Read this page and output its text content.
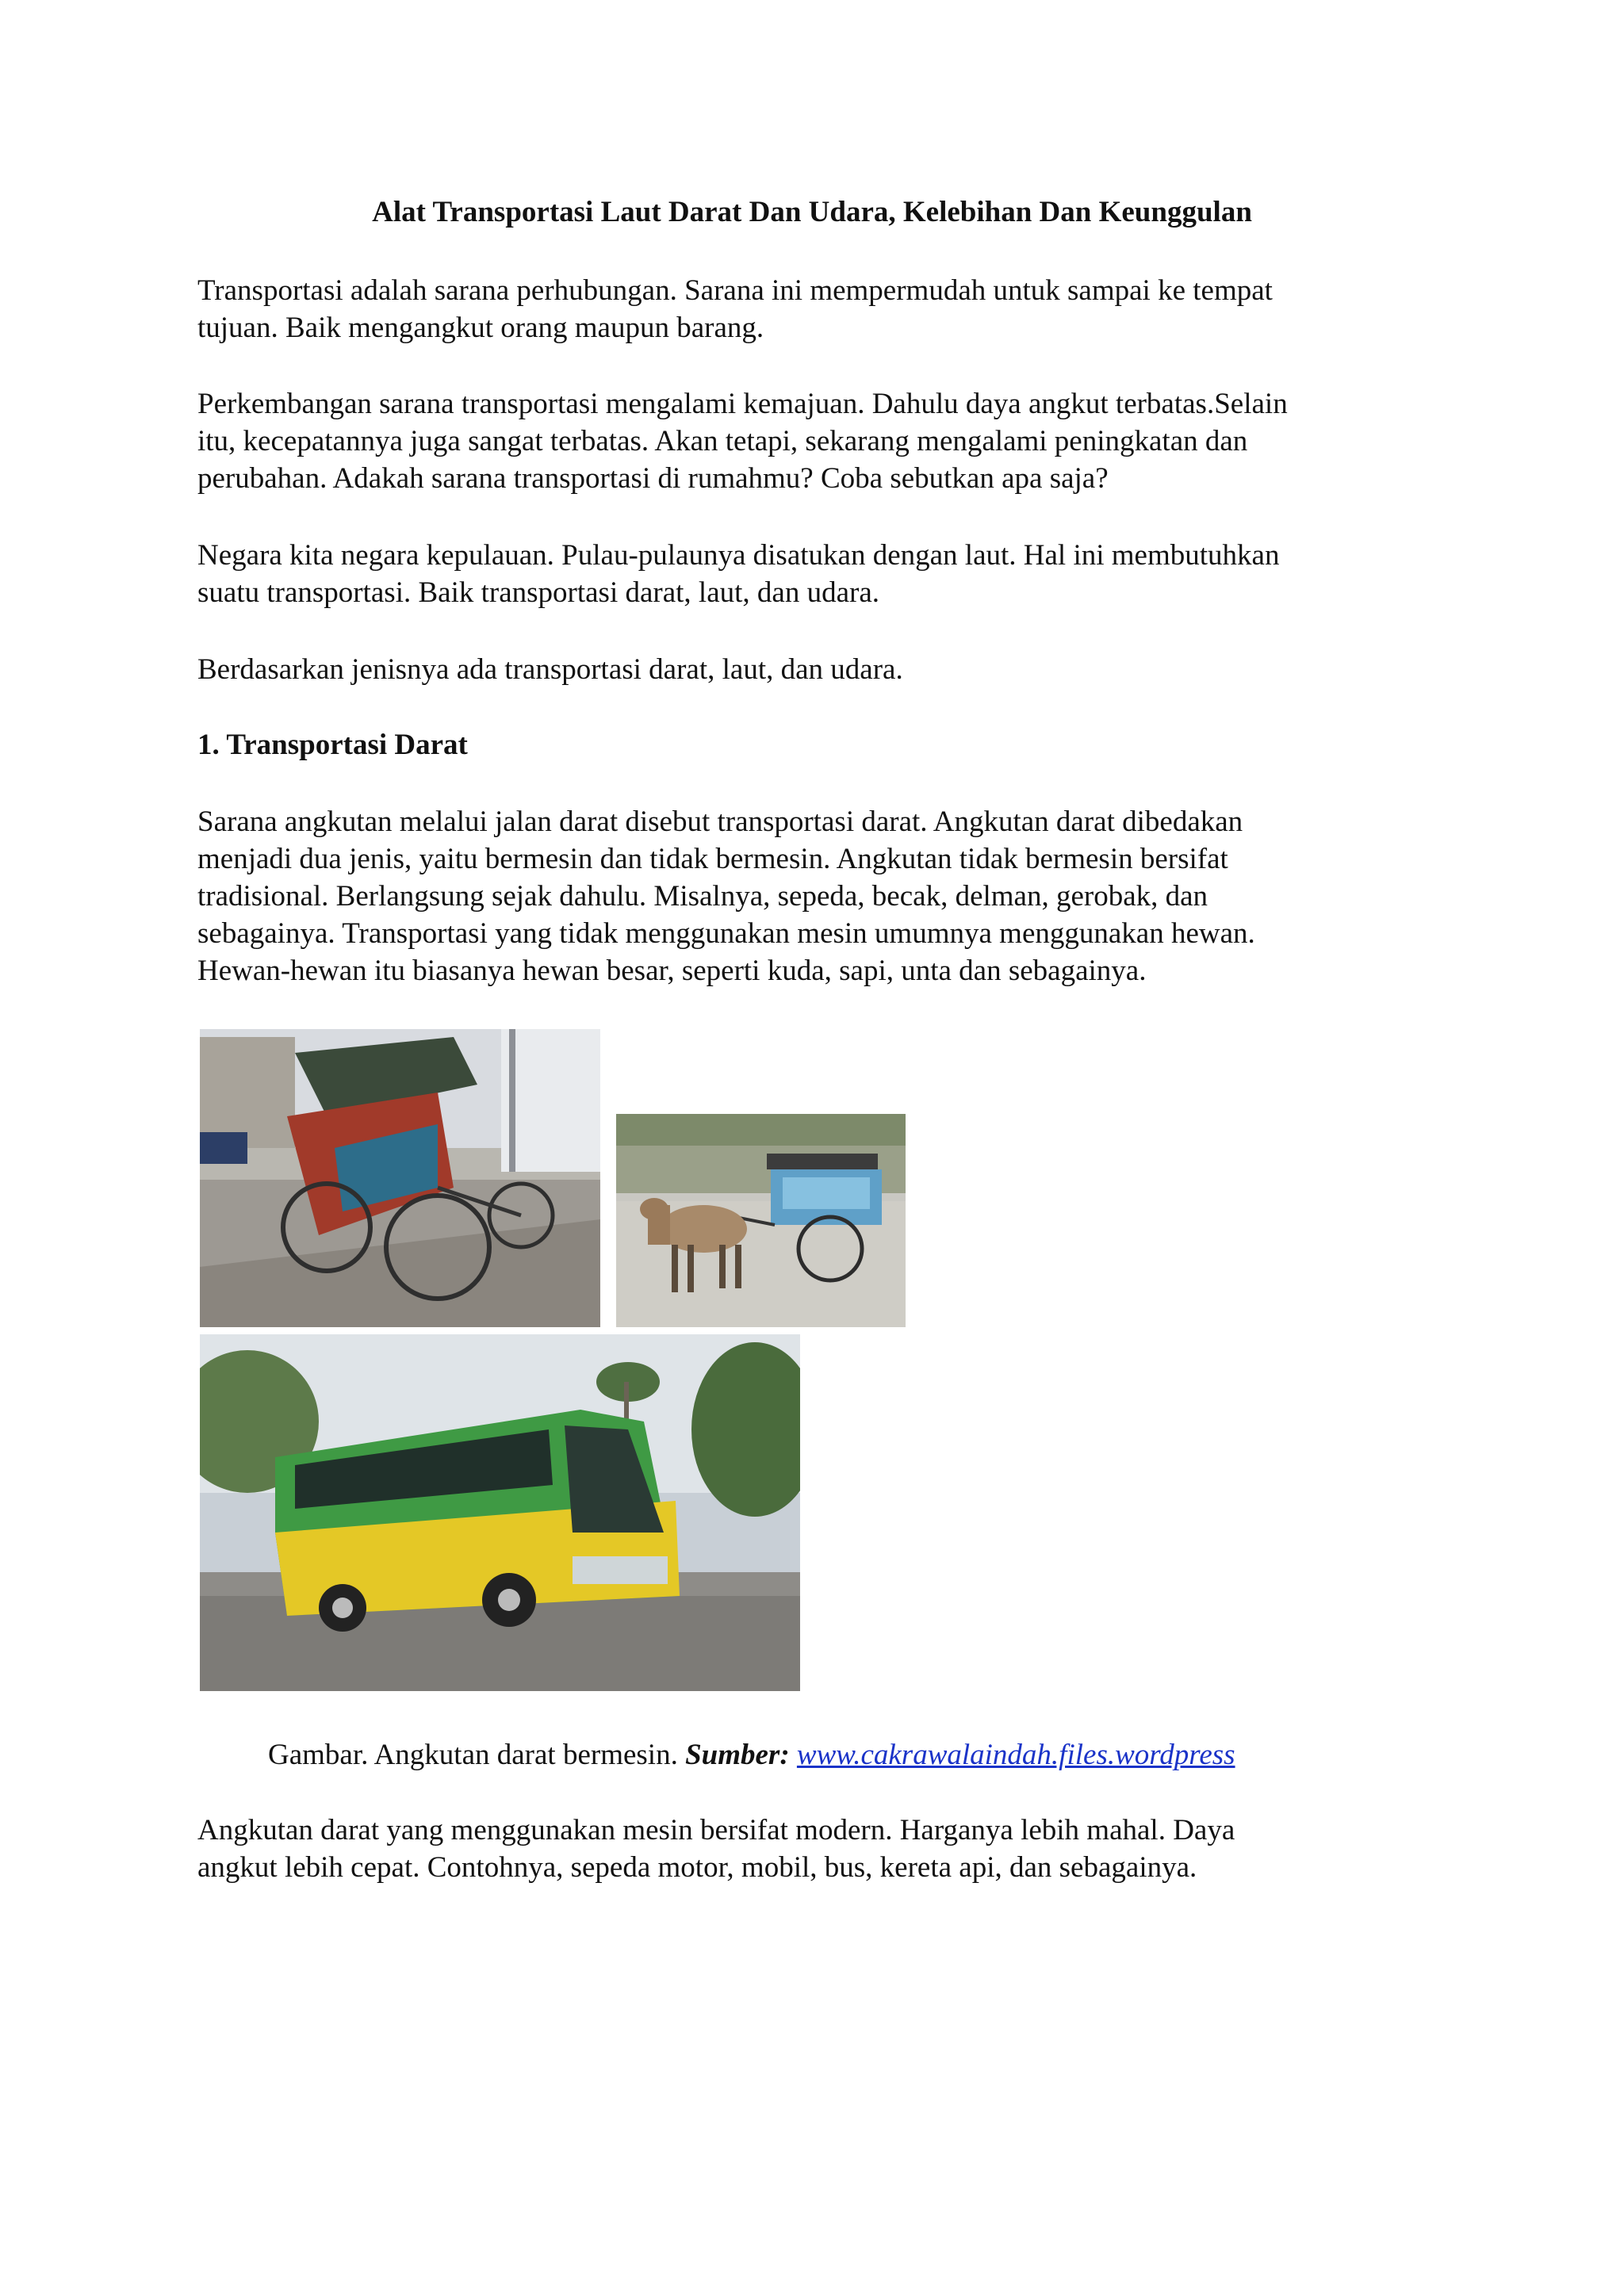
Alat Transportasi Laut Darat Dan Udara, Kelebihan Dan Keunggulan

Transportasi adalah sarana perhubungan. Sarana ini mempermudah untuk sampai ke tempat
tujuan. Baik mengangkut orang maupun barang.

Perkembangan sarana transportasi mengalami kemajuan. Dahulu daya angkut terbatas.Selain
itu, kecepatannya juga sangat terbatas. Akan tetapi, sekarang mengalami peningkatan dan
perubahan. Adakah sarana transportasi di rumahmu? Coba sebutkan apa saja?

Negara kita negara kepulauan. Pulau-pulaunya disatukan dengan laut. Hal ini membutuhkan
suatu transportasi. Baik transportasi darat, laut, dan udara.

Berdasarkan jenisnya ada transportasi darat, laut, dan udara.

1. Transportasi Darat

Sarana angkutan melalui jalan darat disebut transportasi darat. Angkutan darat dibedakan
menjadi dua jenis, yaitu bermesin dan tidak bermesin. Angkutan tidak bermesin bersifat
tradisional. Berlangsung sejak dahulu. Misalnya, sepeda, becak, delman, gerobak, dan
sebagainya. Transportasi yang tidak menggunakan mesin umumnya menggunakan hewan.
Hewan-hewan itu biasanya hewan besar, seperti kuda, sapi, unta dan sebagainya.

Gambar. Angkutan darat bermesin. Sumber: www.cakrawalaindah.files.wordpress

Angkutan darat yang menggunakan mesin bersifat modern. Harganya lebih mahal. Daya
angkut lebih cepat. Contohnya, sepeda motor, mobil, bus, kereta api, dan sebagainya.
